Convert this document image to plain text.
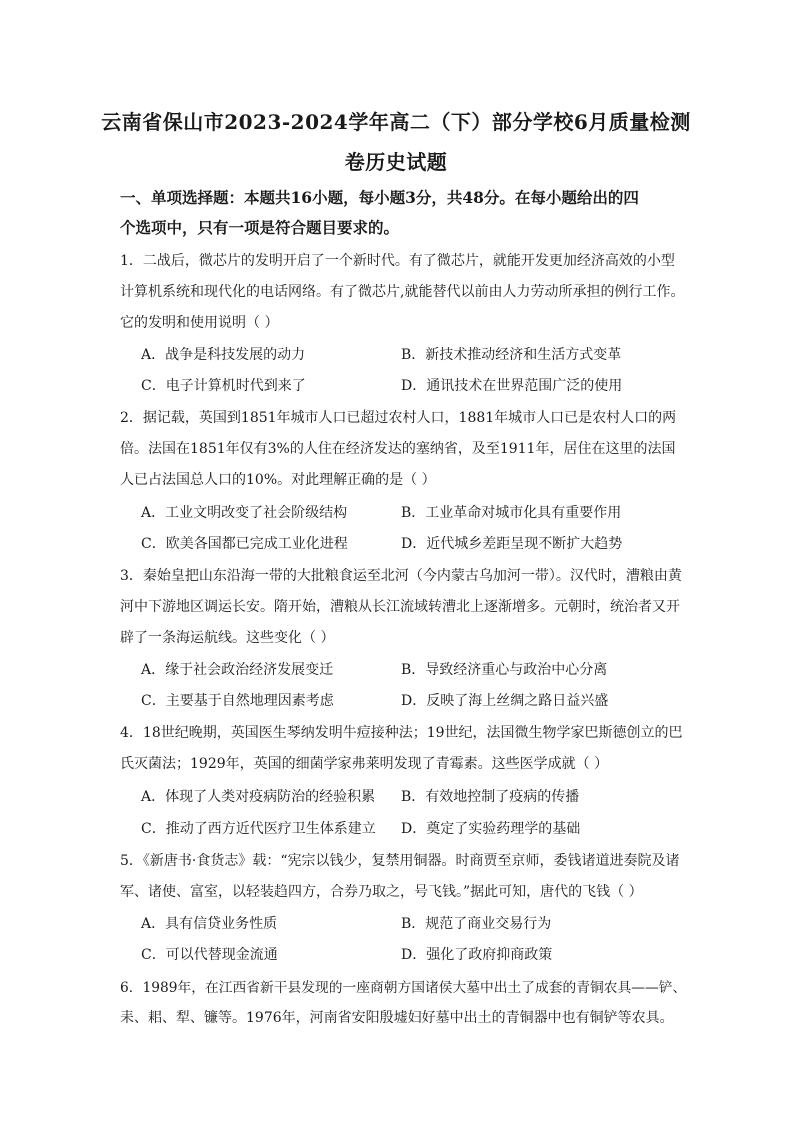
云南省保山市2023-2024学年高二（下）部分学校6月质量检测
卷历史试题
一、单项选择题：本题共16小题，每小题3分，共48分。在每小题给出的四
个选项中，只有一项是符合题目要求的。
1．二战后，微芯片的发明开启了一个新时代。有了微芯片，就能开发更加经济高效的小型
计算机系统和现代化的电话网络。有了微芯片,就能替代以前由人力劳动所承担的例行工作。
它的发明和使用说明（ ）
A．战争是科技发展的动力	B．新技术推动经济和生活方式变革
C．电子计算机时代到来了	D．通讯技术在世界范围广泛的使用
2．据记载，英国到1851年城市人口已超过农村人口，1881年城市人口已是农村人口的两
倍。法国在1851年仅有3%的人住在经济发达的塞纳省，及至1911年，居住在这里的法国
人已占法国总人口的10%。对此理解正确的是（ ）
A．工业文明改变了社会阶级结构	B．工业革命对城市化具有重要作用
C．欧美各国都已完成工业化进程	D．近代城乡差距呈现不断扩大趋势
3．秦始皇把山东沿海一带的大批粮食运至北河（今内蒙古乌加河一带）。汉代时，漕粮由黄
河中下游地区调运长安。隋开始，漕粮从长江流域转漕北上逐渐增多。元朝时，统治者又开
辟了一条海运航线。这些变化（ ）
A．缘于社会政治经济发展变迁	B．导致经济重心与政治中心分离
C．主要基于自然地理因素考虑	D．反映了海上丝绸之路日益兴盛
4．18世纪晚期，英国医生琴纳发明牛痘接种法；19世纪，法国微生物学家巴斯德创立的巴
氏灭菌法；1929年，英国的细菌学家弗莱明发现了青霉素。这些医学成就（ ）
A．体现了人类对疫病防治的经验积累 B．有效地控制了疫病的传播
C．推动了西方近代医疗卫生体系建立 D．奠定了实验药理学的基础
5．《新唐书·食货志》载：“宪宗以钱少，复禁用铜器。时商贾至京师，委钱诸道进奏院及诸
军、诸使、富室，以轻装趋四方，合券乃取之，号飞钱。”据此可知，唐代的飞钱（ ）
A．具有信贷业务性质	B．规范了商业交易行为
C．可以代替现金流通	D．强化了政府抑商政策
6．1989年，在江西省新干县发现的一座商朝方国诸侯大墓中出土了成套的青铜农具——铲、
耒、耜、犁、镰等。1976年，河南省安阳殷墟妇好墓中出土的青铜器中也有铜铲等农具。
